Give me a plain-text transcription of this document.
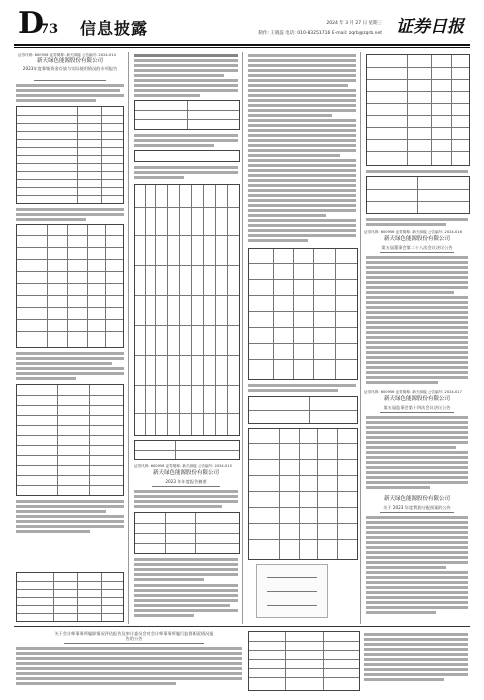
D
73 信息披露	2024 年 3 月 27 日 星期三
制作: 王晓蕊 电话: 010-83251716 E-mail: zqrb@zqrb.net 证券日报
证券代码: 600956 证券简称: 新天绿能 公告编号: 2024-014
新天绿色能源股份有限公司
2023年度募集资金存放与实际使用情况的专项报告
证券代码: 600956 证券简称: 新天绿能 公告编号: 2024-015
新天绿色能源股份有限公司
2023 年年度报告摘要
证券代码: 600956 证券简称: 新天绿能 公告编号: 2024-016
新天绿色能源股份有限公司
第五届董事会第二十八次会议决议公告
证券代码: 600956 证券简称: 新天绿能 公告编号: 2024-017
新天绿色能源股份有限公司
第五届监事会第十四次会议决议公告
新天绿色能源股份有限公司
关于 2023 年度利润分配预案的公告
关于会计师事务所履职情况评估报告及审计委员会对会计师事务所履行监督职责情况报告的公告
